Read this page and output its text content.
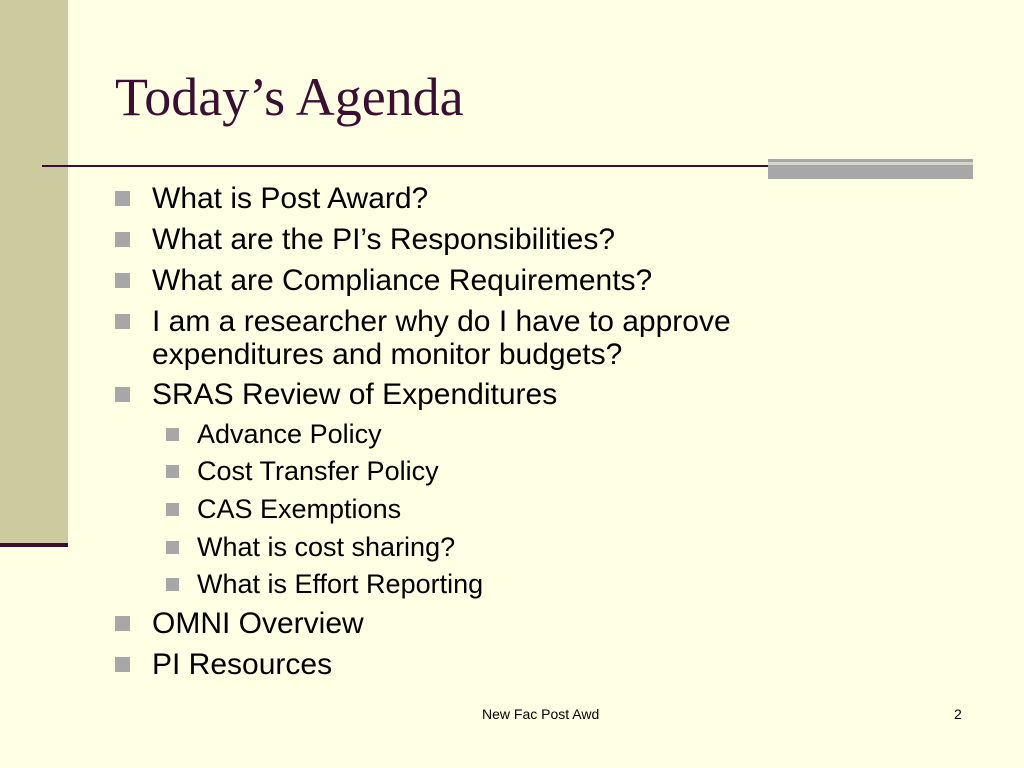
Today’s Agenda
What is Post Award?
What are the PI’s Responsibilities?
What are Compliance Requirements?
I am a researcher why do I have to approve
expenditures and monitor budgets?
SRAS Review of Expenditures
Advance Policy
Cost Transfer Policy
CAS Exemptions
What is cost sharing?
What is Effort Reporting
OMNI Overview
PI Resources
New Fac Post Awd	2
